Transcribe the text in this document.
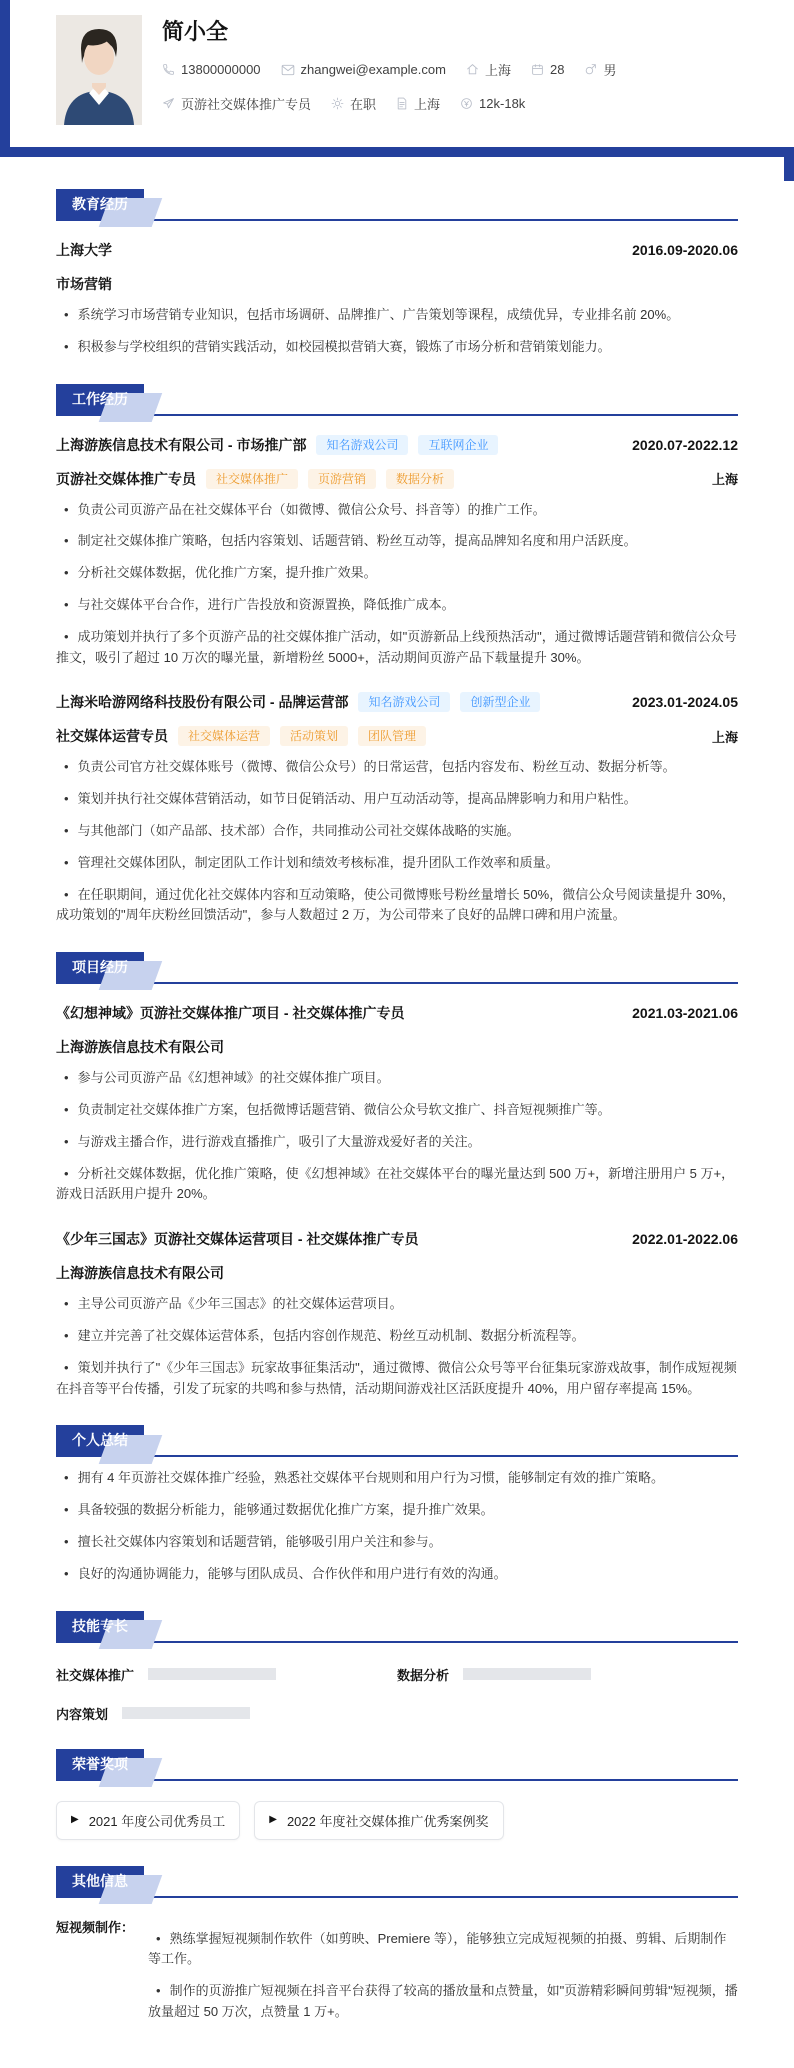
简小全
13800000000	zhangwei@example.com	上海	28	男
页游社交媒体推广专员	在职	上海	12k-18k
教育经历
上海大学	2016.09-2020.06
市场营销
• 系统学习市场营销专业知识，包括市场调研、品牌推广、广告策划等课程，成绩优异，专业排名前 20%。
• 积极参与学校组织的营销实践活动，如校园模拟营销大赛，锻炼了市场分析和营销策划能力。
工作经历
上海游族信息技术有限公司 - 市场推广部	知名游戏公司	互联网企业	2020.07-2022.12
页游社交媒体推广专员	社交媒体推广	页游营销	数据分析	上海
• 负责公司页游产品在社交媒体平台（如微博、微信公众号、抖音等）的推广工作。
• 制定社交媒体推广策略，包括内容策划、话题营销、粉丝互动等，提高品牌知名度和用户活跃度。
• 分析社交媒体数据，优化推广方案，提升推广效果。
• 与社交媒体平台合作，进行广告投放和资源置换，降低推广成本。
• 成功策划并执行了多个页游产品的社交媒体推广活动，如"页游新品上线预热活动"，通过微博话题营销和微信公众号推文，吸引了超过 10 万次的曝光量，新增粉丝 5000+，活动期间页游产品下载量提升 30%。
上海米哈游网络科技股份有限公司 - 品牌运营部	知名游戏公司	创新型企业	2023.01-2024.05
社交媒体运营专员	社交媒体运营	活动策划	团队管理	上海
• 负责公司官方社交媒体账号（微博、微信公众号）的日常运营，包括内容发布、粉丝互动、数据分析等。
• 策划并执行社交媒体营销活动，如节日促销活动、用户互动活动等，提高品牌影响力和用户粘性。
• 与其他部门（如产品部、技术部）合作，共同推动公司社交媒体战略的实施。
• 管理社交媒体团队，制定团队工作计划和绩效考核标准，提升团队工作效率和质量。
• 在任职期间，通过优化社交媒体内容和互动策略，使公司微博账号粉丝量增长 50%，微信公众号阅读量提升 30%，成功策划的"周年庆粉丝回馈活动"，参与人数超过 2 万，为公司带来了良好的品牌口碑和用户流量。
项目经历
《幻想神域》页游社交媒体推广项目 - 社交媒体推广专员	2021.03-2021.06
上海游族信息技术有限公司
• 参与公司页游产品《幻想神域》的社交媒体推广项目。
• 负责制定社交媒体推广方案，包括微博话题营销、微信公众号软文推广、抖音短视频推广等。
• 与游戏主播合作，进行游戏直播推广，吸引了大量游戏爱好者的关注。
• 分析社交媒体数据，优化推广策略，使《幻想神域》在社交媒体平台的曝光量达到 500 万+，新增注册用户 5 万+，游戏日活跃用户提升 20%。
《少年三国志》页游社交媒体运营项目 - 社交媒体推广专员	2022.01-2022.06
上海游族信息技术有限公司
• 主导公司页游产品《少年三国志》的社交媒体运营项目。
• 建立并完善了社交媒体运营体系，包括内容创作规范、粉丝互动机制、数据分析流程等。
• 策划并执行了"《少年三国志》玩家故事征集活动"，通过微博、微信公众号等平台征集玩家游戏故事，制作成短视频在抖音等平台传播，引发了玩家的共鸣和参与热情，活动期间游戏社区活跃度提升 40%，用户留存率提高 15%。
个人总结
• 拥有 4 年页游社交媒体推广经验，熟悉社交媒体平台规则和用户行为习惯，能够制定有效的推广策略。
• 具备较强的数据分析能力，能够通过数据优化推广方案，提升推广效果。
• 擅长社交媒体内容策划和话题营销，能够吸引用户关注和参与。
• 良好的沟通协调能力，能够与团队成员、合作伙伴和用户进行有效的沟通。
技能专长
社交媒体推广	数据分析
内容策划
荣誉奖项
▶ 2021 年度公司优秀员工	▶ 2022 年度社交媒体推广优秀案例奖
其他信息
短视频制作：
• 熟练掌握短视频制作软件（如剪映、Premiere 等），能够独立完成短视频的拍摄、剪辑、后期制作等工作。
• 制作的页游推广短视频在抖音平台获得了较高的播放量和点赞量，如"页游精彩瞬间剪辑"短视频，播放量超过 50 万次，点赞量 1 万+。
